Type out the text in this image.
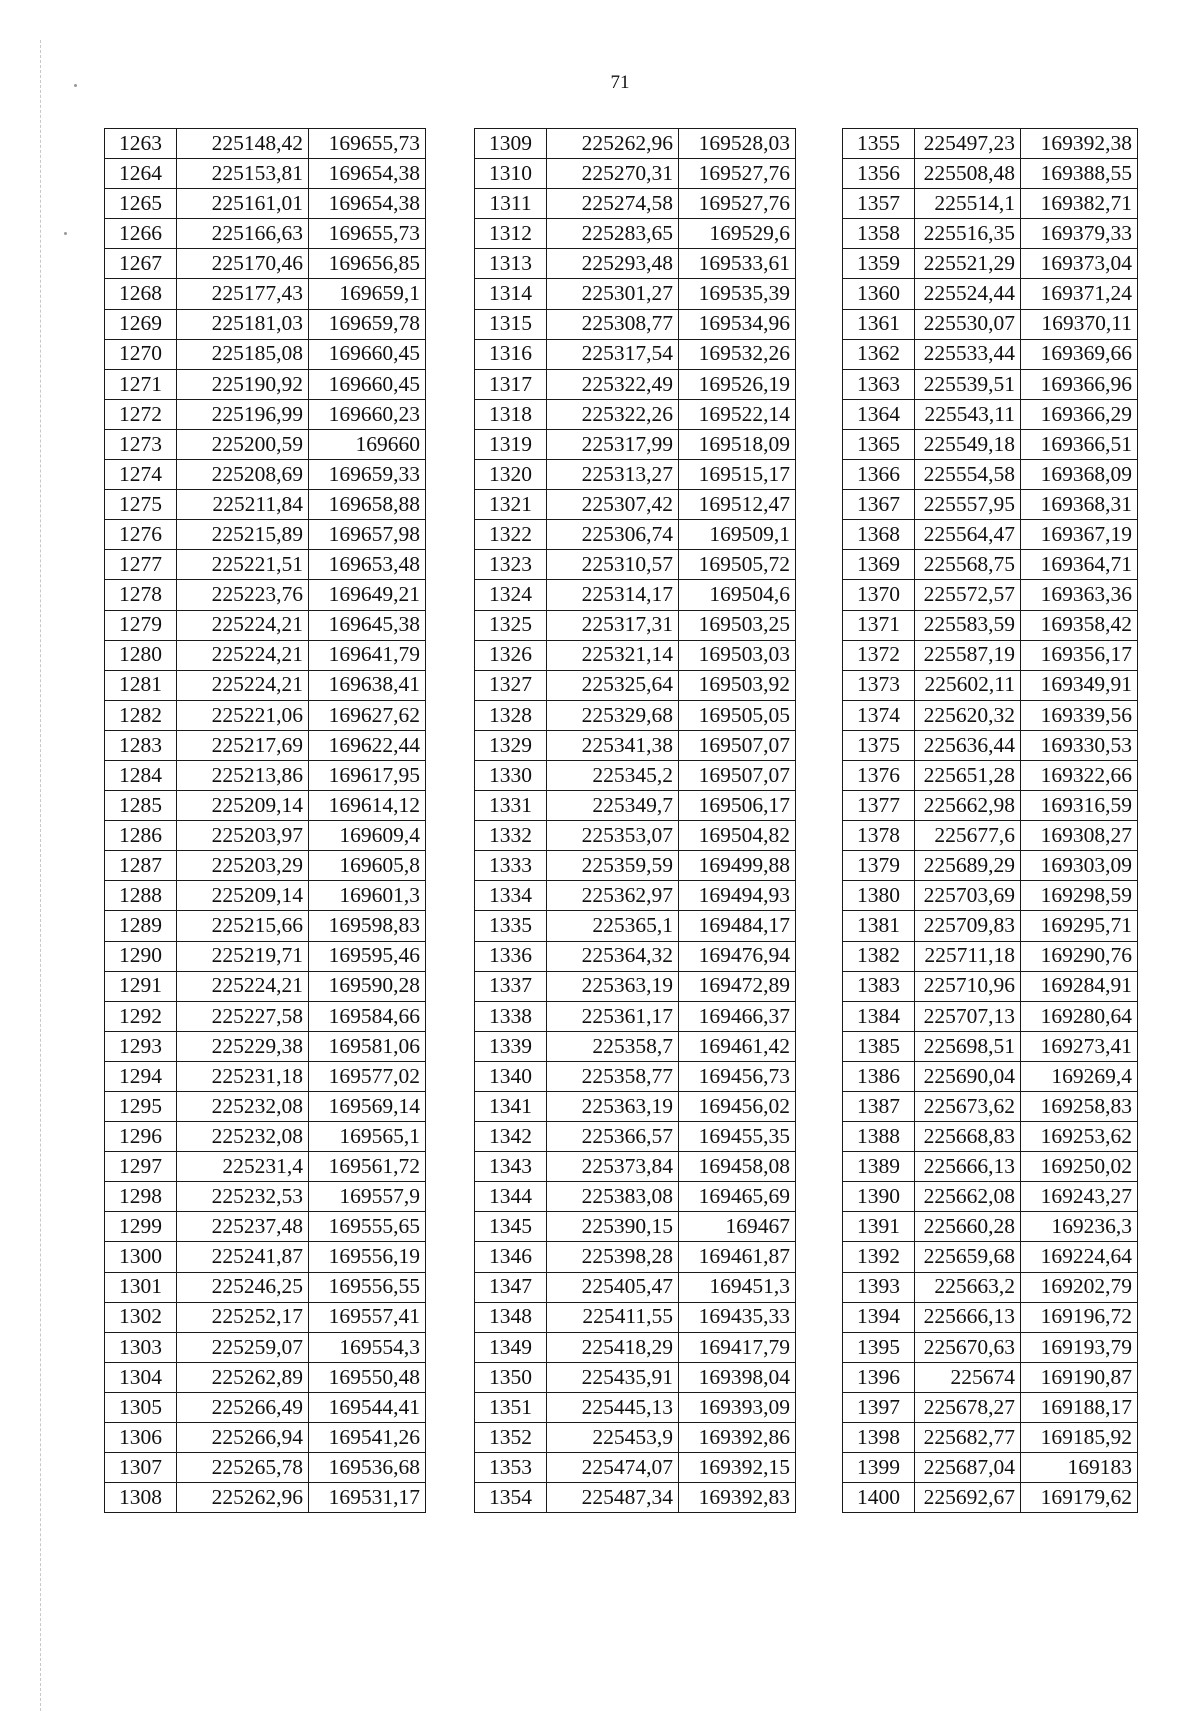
71
1263	225148,42	169655,73
1264	225153,81	169654,38
1265	225161,01	169654,38
1266	225166,63	169655,73
1267	225170,46	169656,85
1268	225177,43	169659,1
1269	225181,03	169659,78
1270	225185,08	169660,45
1271	225190,92	169660,45
1272	225196,99	169660,23
1273	225200,59	169660
1274	225208,69	169659,33
1275	225211,84	169658,88
1276	225215,89	169657,98
1277	225221,51	169653,48
1278	225223,76	169649,21
1279	225224,21	169645,38
1280	225224,21	169641,79
1281	225224,21	169638,41
1282	225221,06	169627,62
1283	225217,69	169622,44
1284	225213,86	169617,95
1285	225209,14	169614,12
1286	225203,97	169609,4
1287	225203,29	169605,8
1288	225209,14	169601,3
1289	225215,66	169598,83
1290	225219,71	169595,46
1291	225224,21	169590,28
1292	225227,58	169584,66
1293	225229,38	169581,06
1294	225231,18	169577,02
1295	225232,08	169569,14
1296	225232,08	169565,1
1297	225231,4	169561,72
1298	225232,53	169557,9
1299	225237,48	169555,65
1300	225241,87	169556,19
1301	225246,25	169556,55
1302	225252,17	169557,41
1303	225259,07	169554,3
1304	225262,89	169550,48
1305	225266,49	169544,41
1306	225266,94	169541,26
1307	225265,78	169536,68
1308	225262,96	169531,17
1309	225262,96	169528,03
1310	225270,31	169527,76
1311	225274,58	169527,76
1312	225283,65	169529,6
1313	225293,48	169533,61
1314	225301,27	169535,39
1315	225308,77	169534,96
1316	225317,54	169532,26
1317	225322,49	169526,19
1318	225322,26	169522,14
1319	225317,99	169518,09
1320	225313,27	169515,17
1321	225307,42	169512,47
1322	225306,74	169509,1
1323	225310,57	169505,72
1324	225314,17	169504,6
1325	225317,31	169503,25
1326	225321,14	169503,03
1327	225325,64	169503,92
1328	225329,68	169505,05
1329	225341,38	169507,07
1330	225345,2	169507,07
1331	225349,7	169506,17
1332	225353,07	169504,82
1333	225359,59	169499,88
1334	225362,97	169494,93
1335	225365,1	169484,17
1336	225364,32	169476,94
1337	225363,19	169472,89
1338	225361,17	169466,37
1339	225358,7	169461,42
1340	225358,77	169456,73
1341	225363,19	169456,02
1342	225366,57	169455,35
1343	225373,84	169458,08
1344	225383,08	169465,69
1345	225390,15	169467
1346	225398,28	169461,87
1347	225405,47	169451,3
1348	225411,55	169435,33
1349	225418,29	169417,79
1350	225435,91	169398,04
1351	225445,13	169393,09
1352	225453,9	169392,86
1353	225474,07	169392,15
1354	225487,34	169392,83
1355	225497,23	169392,38
1356	225508,48	169388,55
1357	225514,1	169382,71
1358	225516,35	169379,33
1359	225521,29	169373,04
1360	225524,44	169371,24
1361	225530,07	169370,11
1362	225533,44	169369,66
1363	225539,51	169366,96
1364	225543,11	169366,29
1365	225549,18	169366,51
1366	225554,58	169368,09
1367	225557,95	169368,31
1368	225564,47	169367,19
1369	225568,75	169364,71
1370	225572,57	169363,36
1371	225583,59	169358,42
1372	225587,19	169356,17
1373	225602,11	169349,91
1374	225620,32	169339,56
1375	225636,44	169330,53
1376	225651,28	169322,66
1377	225662,98	169316,59
1378	225677,6	169308,27
1379	225689,29	169303,09
1380	225703,69	169298,59
1381	225709,83	169295,71
1382	225711,18	169290,76
1383	225710,96	169284,91
1384	225707,13	169280,64
1385	225698,51	169273,41
1386	225690,04	169269,4
1387	225673,62	169258,83
1388	225668,83	169253,62
1389	225666,13	169250,02
1390	225662,08	169243,27
1391	225660,28	169236,3
1392	225659,68	169224,64
1393	225663,2	169202,79
1394	225666,13	169196,72
1395	225670,63	169193,79
1396	225674	169190,87
1397	225678,27	169188,17
1398	225682,77	169185,92
1399	225687,04	169183
1400	225692,67	169179,62
